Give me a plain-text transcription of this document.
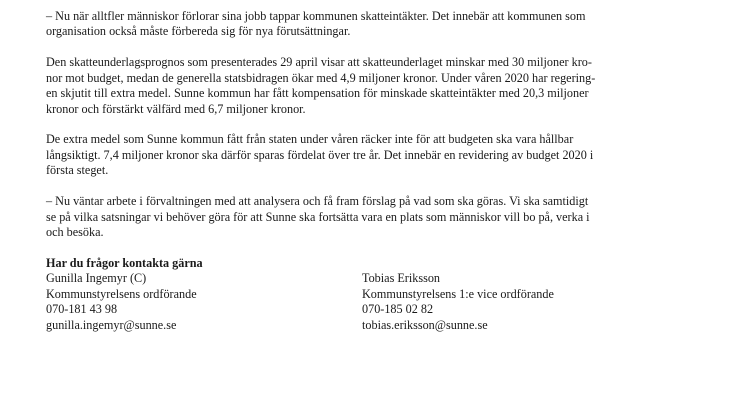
– Nu när alltfler människor förlorar sina jobb tappar kommunen skatteintäkter. Det innebär att kommunen som
organisation också måste förbereda sig för nya förutsättningar.

Den skatteunderlagsprognos som presenterades 29 april visar att skatteunderlaget minskar med 30 miljoner kro-
nor mot budget, medan de generella statsbidragen ökar med 4,9 miljoner kronor. Under våren 2020 har regering-
en skjutit till extra medel. Sunne kommun har fått kompensation för minskade skatteintäkter med 20,3 miljoner
kronor och förstärkt välfärd med 6,7 miljoner kronor.

De extra medel som Sunne kommun fått från staten under våren räcker inte för att budgeten ska vara hållbar
långsiktigt. 7,4 miljoner kronor ska därför sparas fördelat över tre år. Det innebär en revidering av budget 2020 i
första steget.

– Nu väntar arbete i förvaltningen med att analysera och få fram förslag på vad som ska göras. Vi ska samtidigt
se på vilka satsningar vi behöver göra för att Sunne ska fortsätta vara en plats som människor vill bo på, verka i
och besöka.

Har du frågor kontakta gärna
Gunilla Ingemyr (C)
Kommunstyrelsens ordförande
070-181 43 98
gunilla.ingemyr@sunne.se
Tobias Eriksson
Kommunstyrelsens 1:e vice ordförande
070-185 02 82
tobias.eriksson@sunne.se
